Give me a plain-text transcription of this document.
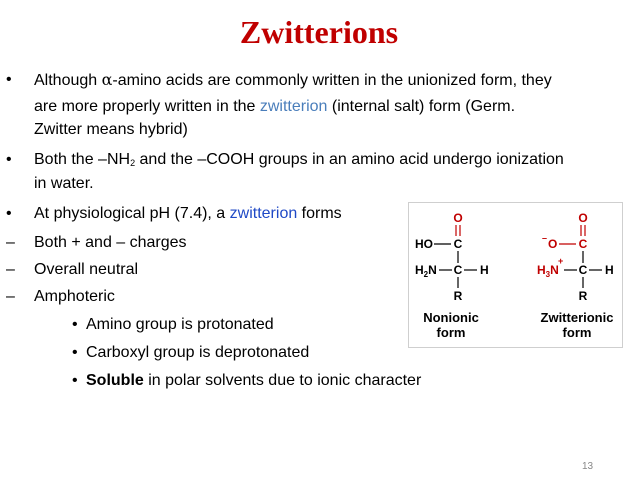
Zwitterions
• Although α-amino acids are commonly written in the unionized form, they
are more properly written in the zwitterion (internal salt) form (Germ.
Zwitter means hybrid)
• Both the $-NH_2$ and the –COOH groups in an amino acid undergo ionization
in water.
• At physiological pH (7.4), a zwitterion forms
– Both + and – charges
– Overall neutral
– Amphoteric
• Amino group is protonated
• Carboxyl group is deprotonated
• Soluble in polar solvents due to ionic character
O
HO C
$H_2N$ C H
R
Nonionic
form
O
– O C
+
$H_3N$ C H
R
Zwitterionic
form
13
